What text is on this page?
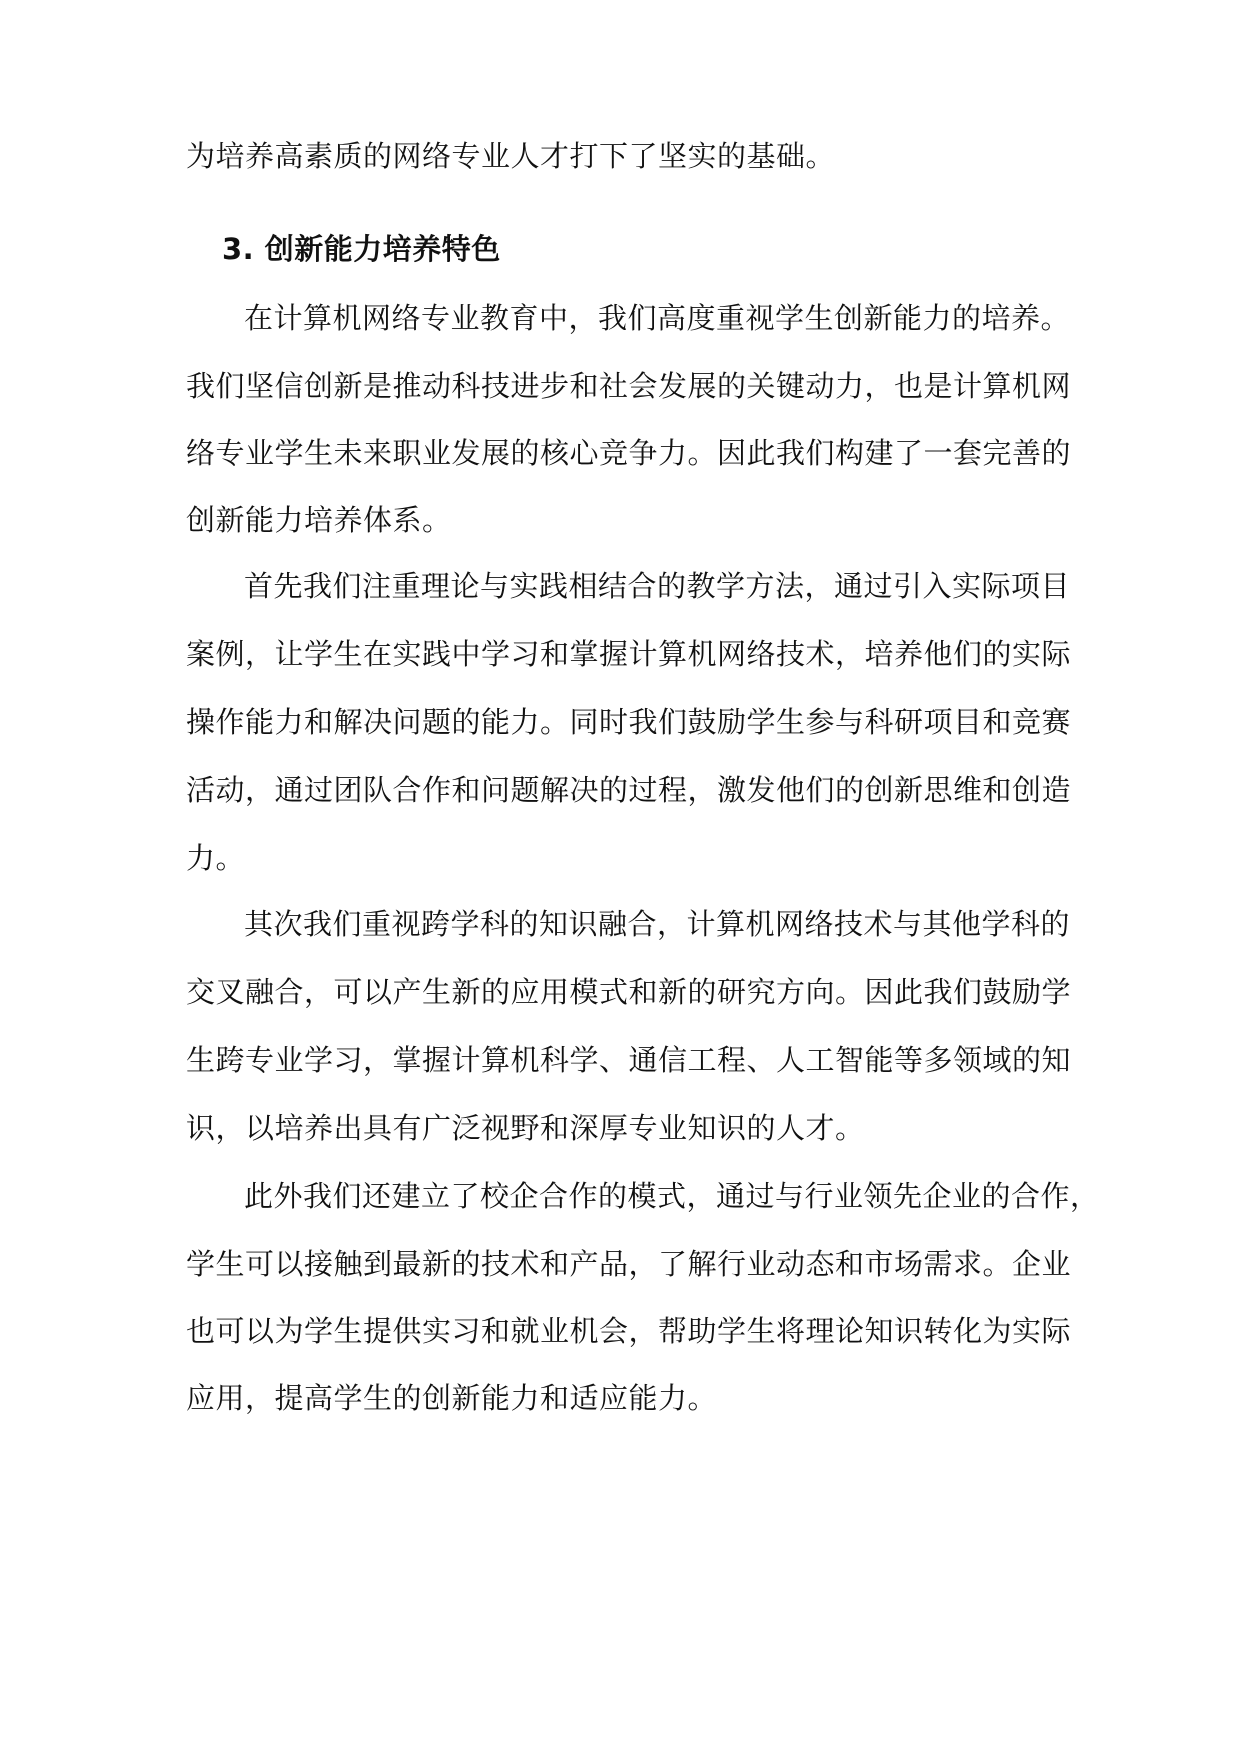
为培养高素质的网络专业人才打下了坚实的基础。
3. 创新能力培养特色
在计算机网络专业教育中，我们高度重视学生创新能力的培养。
我们坚信创新是推动科技进步和社会发展的关键动力，也是计算机网
络专业学生未来职业发展的核心竞争力。因此我们构建了一套完善的
创新能力培养体系。
首先我们注重理论与实践相结合的教学方法，通过引入实际项目
案例，让学生在实践中学习和掌握计算机网络技术，培养他们的实际
操作能力和解决问题的能力。同时我们鼓励学生参与科研项目和竞赛
活动，通过团队合作和问题解决的过程，激发他们的创新思维和创造
力。
其次我们重视跨学科的知识融合，计算机网络技术与其他学科的
交叉融合，可以产生新的应用模式和新的研究方向。因此我们鼓励学
生跨专业学习，掌握计算机科学、通信工程、人工智能等多领域的知
识，以培养出具有广泛视野和深厚专业知识的人才。
此外我们还建立了校企合作的模式，通过与行业领先企业的合作，
学生可以接触到最新的技术和产品，了解行业动态和市场需求。企业
也可以为学生提供实习和就业机会，帮助学生将理论知识转化为实际
应用，提高学生的创新能力和适应能力。
